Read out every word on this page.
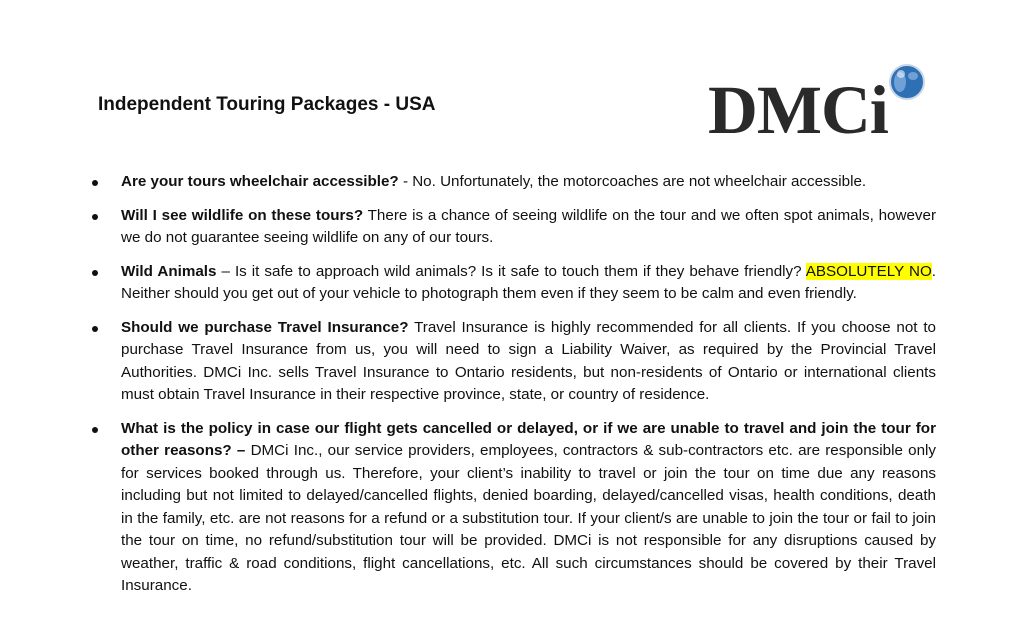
Independent Touring Packages - USA	DMCi
Are your tours wheelchair accessible? - No. Unfortunately, the motorcoaches are not wheelchair accessible.
Will I see wildlife on these tours? There is a chance of seeing wildlife on the tour and we often spot animals, however we do not guarantee seeing wildlife on any of our tours.
Wild Animals – Is it safe to approach wild animals? Is it safe to touch them if they behave friendly? ABSOLUTELY NO. Neither should you get out of your vehicle to photograph them even if they seem to be calm and even friendly.
Should we purchase Travel Insurance? Travel Insurance is highly recommended for all clients. If you choose not to purchase Travel Insurance from us, you will need to sign a Liability Waiver, as required by the Provincial Travel Authorities. DMCi Inc. sells Travel Insurance to Ontario residents, but non-residents of Ontario or international clients must obtain Travel Insurance in their respective province, state, or country of residence.
What is the policy in case our flight gets cancelled or delayed, or if we are unable to travel and join the tour for other reasons? – DMCi Inc., our service providers, employees, contractors & sub-contractors etc. are responsible only for services booked through us. Therefore, your client’s inability to travel or join the tour on time due any reasons including but not limited to delayed/cancelled flights, denied boarding, delayed/cancelled visas, health conditions, death in the family, etc. are not reasons for a refund or a substitution tour. If your client/s are unable to join the tour or fail to join the tour on time, no refund/substitution tour will be provided. DMCi is not responsible for any disruptions caused by weather, traffic & road conditions, flight cancellations, etc. All such circumstances should be covered by their Travel Insurance.
